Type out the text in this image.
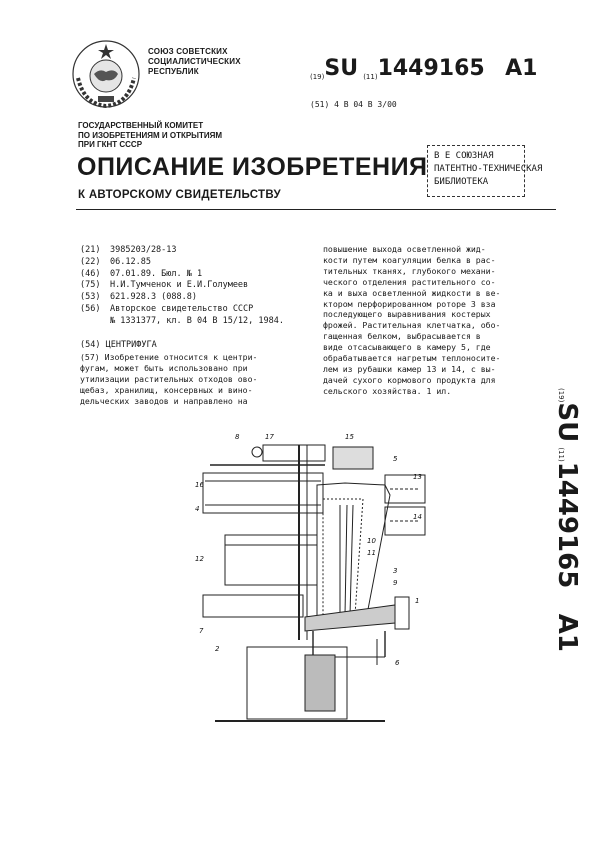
СОЮЗ СОВЕТСКИХ
СОЦИАЛИСТИЧЕСКИХ
РЕСПУБЛИК
(19)SU (11)1449165 A1
(51) 4 В 04 В 3/00
ГОСУДАРСТВЕННЫЙ КОМИТЕТ
ПО ИЗОБРЕТЕНИЯМ И ОТКРЫТИЯМ
ПРИ ГКНТ СССР
ОПИСАНИЕ ИЗОБРЕТЕНИЯ
К АВТОРСКОМУ СВИДЕТЕЛЬСТВУ
В Е СОЮЗНАЯ
ПАТЕНТНО-ТЕХНИЧЕСКАЯ
БИБЛИОТЕКА
(21) 3985203/28-13
(22) 06.12.85
(46) 07.01.89. Бюл. № 1
(75) Н.И.Тумченок и Е.И.Голумеев
(53) 621.928.3 (088.8)
(56) Авторское свидетельство СССР
№ 1331377, кл. В 04 В 15/12, 1984.
(54) ЦЕНТРИФУГА
(57) Изобретение относится к центри-
фугам, может быть использовано при
утилизации растительных отходов ово-
щебаз, хранилищ, консервных и вино-
дельческих заводов и направлено на
повышение выхода осветленной жид-
кости путем коагуляции белка в рас-
тительных тканях, глубокого механи-
ческого отделения растительного со-
ка и выха осветленной жидкости в ве-
ктором перфорированном роторе 3 вза
последующего выравнивания костерых
фрожей. Растительная клетчатка, обо-
гащенная белком, выбрасывается в
виде отсасывающего в камеру 5, где
обрабатывается нагретым теплоносите-
лем из рубашки камер 13 и 14, с вы-
дачей сухого кормового продукта для
сельского хозяйства. 1 ил.	(19)SU (11)1449165     A1
8	17	15
16
4
5
13
14
12
10
11
3
9
1
7
2
6
